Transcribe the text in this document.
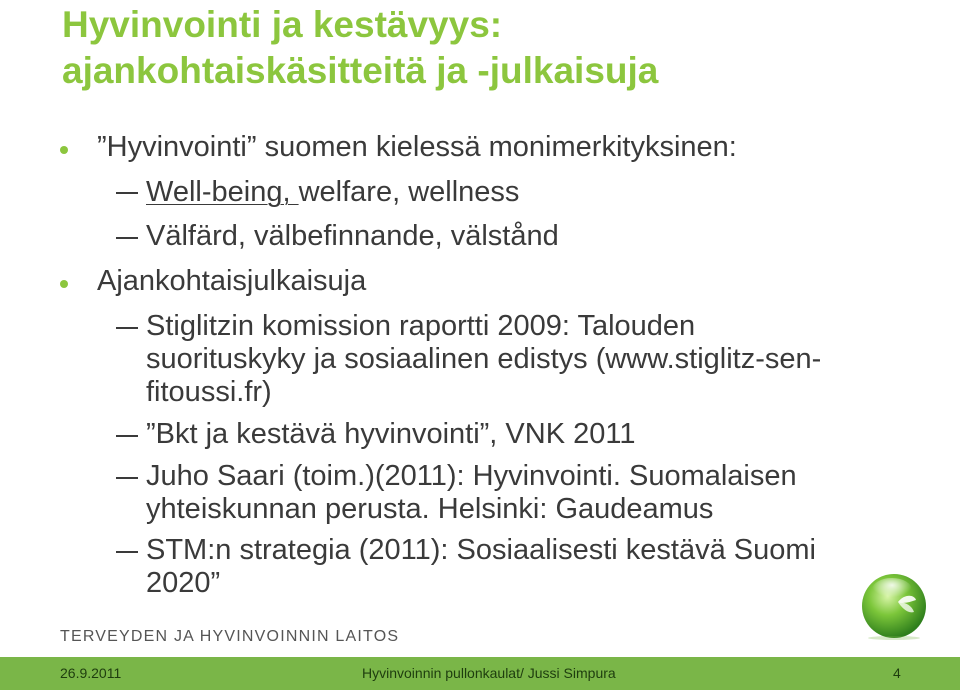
Hyvinvointi ja kestävyys:
ajankohtaiskäsitteitä ja -julkaisuja
”Hyvinvointi” suomen kielessä monimerkityksinen:
Well-being, welfare, wellness
Välfärd, välbefinnande, välstånd
Ajankohtaisjulkaisuja
Stiglitzin komission raportti 2009: Talouden
suorituskyky ja sosiaalinen edistys (www.stiglitz-sen-
fitoussi.fr)
”Bkt ja kestävä hyvinvointi”, VNK 2011
Juho Saari (toim.)(2011): Hyvinvointi. Suomalaisen
yhteiskunnan perusta. Helsinki: Gaudeamus
STM:n strategia (2011): Sosiaalisesti kestävä Suomi
2020”
TERVEYDEN JA HYVINVOINNIN LAITOS
26.9.2011	Hyvinvoinnin pullonkaulat/ Jussi Simpura	4
